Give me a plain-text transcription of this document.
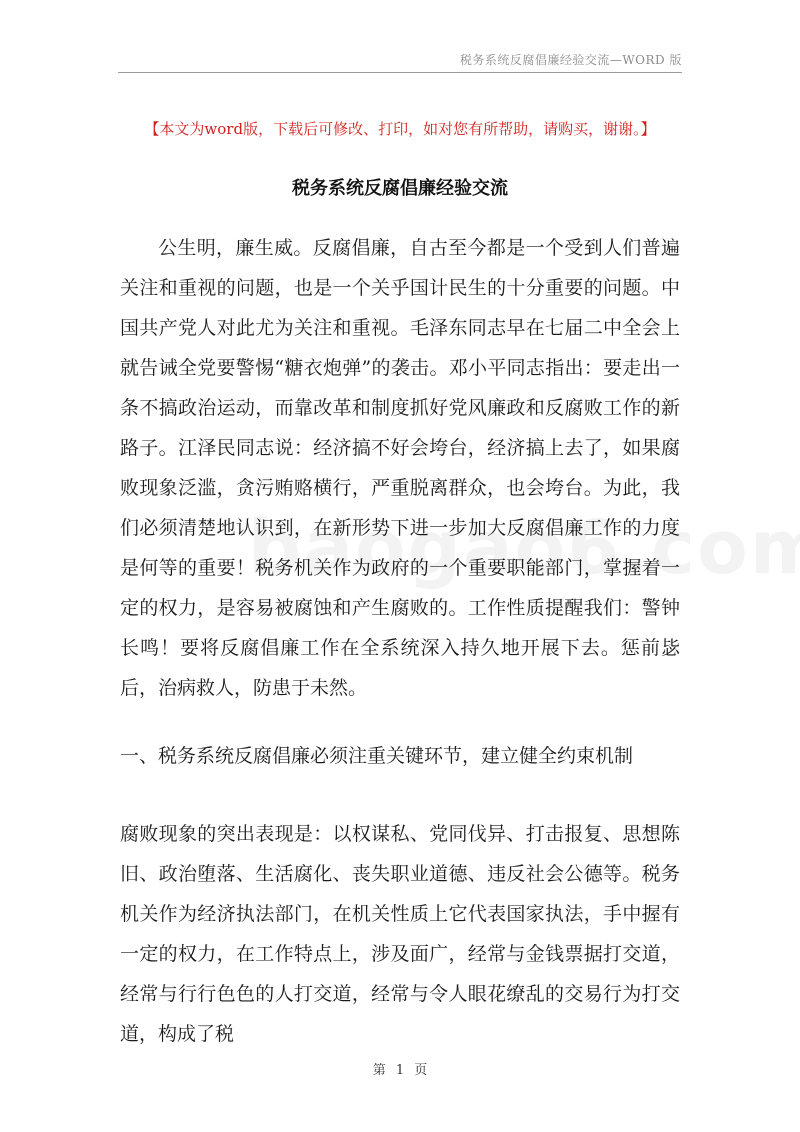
税务系统反腐倡廉经验交流—WORD 版
【本文为word版，下载后可修改、打印，如对您有所帮助，请购买，谢谢。】
税务系统反腐倡廉经验交流

公生明，廉生威。反腐倡廉，自古至今都是一个受到人们普遍关注和重视的问题，也是一个关乎国计民生的十分重要的问题。中国共产党人对此尤为关注和重视。毛泽东同志早在七届二中全会上就告诫全党要警惕“糖衣炮弹”的袭击。邓小平同志指出：要走出一条不搞政治运动，而靠改革和制度抓好党风廉政和反腐败工作的新路子。江泽民同志说：经济搞不好会垮台，经济搞上去了，如果腐败现象泛滥，贪污贿赂横行，严重脱离群众，也会垮台。为此，我们必须清楚地认识到，在新形势下进一步加大反腐倡廉工作的力度是何等的重要！税务机关作为政府的一个重要职能部门，掌握着一定的权力，是容易被腐蚀和产生腐败的。工作性质提醒我们：警钟长鸣！要将反腐倡廉工作在全系统深入持久地开展下去。惩前毖后，治病救人，防患于未然。

一、税务系统反腐倡廉必须注重关键环节，建立健全约束机制

腐败现象的突出表现是：以权谋私、党同伐异、打击报复、思想陈旧、政治堕落、生活腐化、丧失职业道德、违反社会公德等。税务机关作为经济执法部门，在机关性质上它代表国家执法，手中握有一定的权力，在工作特点上，涉及面广，经常与金钱票据打交道，经常与行行色色的人打交道，经常与令人眼花缭乱的交易行为打交道，构成了税

第 1 页
